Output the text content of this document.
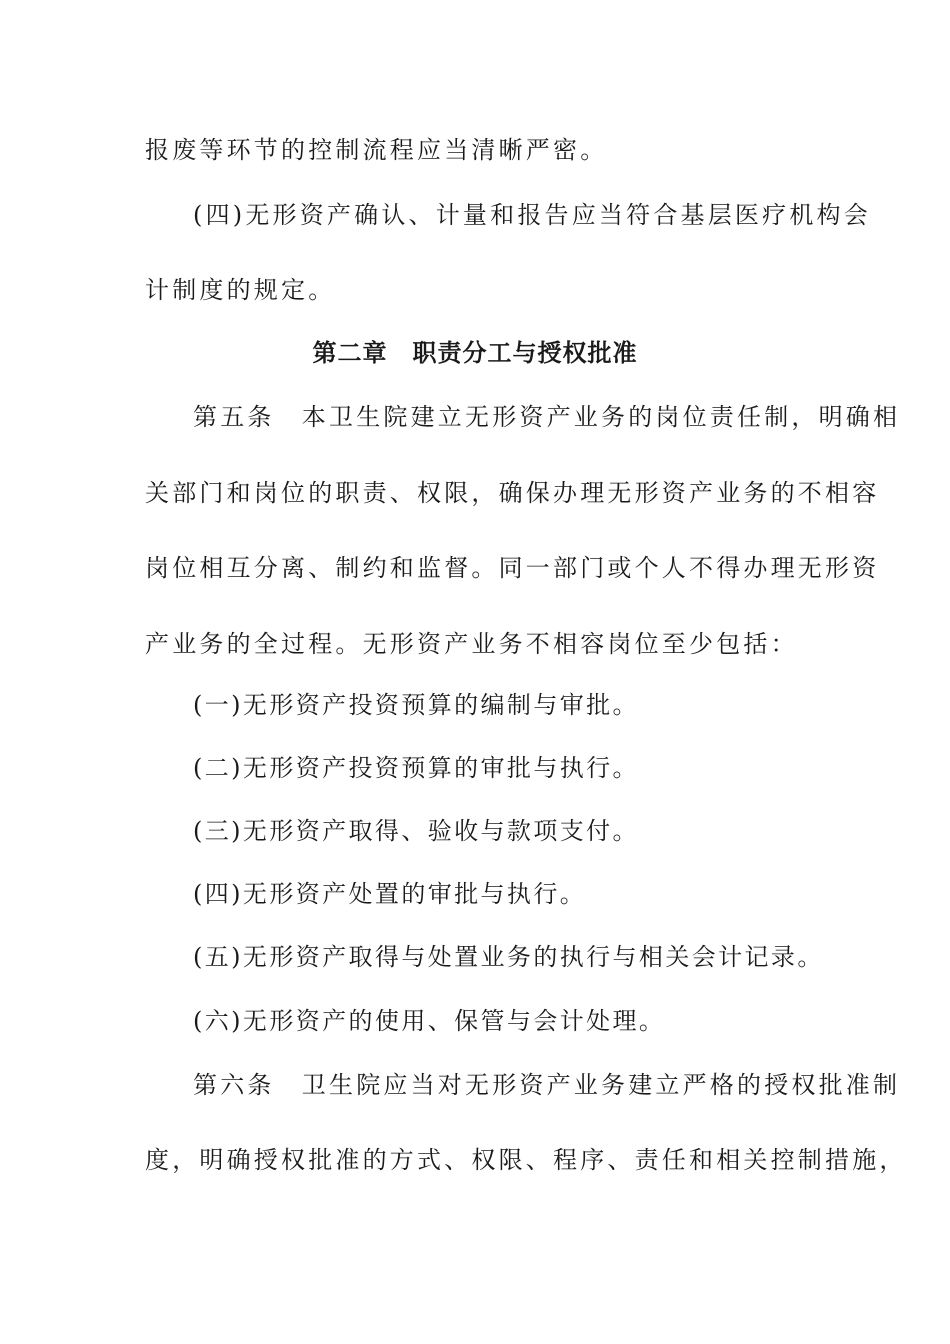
报废等环节的控制流程应当清晰严密。
(四)无形资产确认、计量和报告应当符合基层医疗机构会
计制度的规定。
第二章　职责分工与授权批准
第五条　本卫生院建立无形资产业务的岗位责任制，明确相
关部门和岗位的职责、权限，确保办理无形资产业务的不相容
岗位相互分离、制约和监督。同一部门或个人不得办理无形资
产业务的全过程。无形资产业务不相容岗位至少包括：
(一)无形资产投资预算的编制与审批。
(二)无形资产投资预算的审批与执行。
(三)无形资产取得、验收与款项支付。
(四)无形资产处置的审批与执行。
(五)无形资产取得与处置业务的执行与相关会计记录。
(六)无形资产的使用、保管与会计处理。
第六条　卫生院应当对无形资产业务建立严格的授权批准制
度，明确授权批准的方式、权限、程序、责任和相关控制措施，
